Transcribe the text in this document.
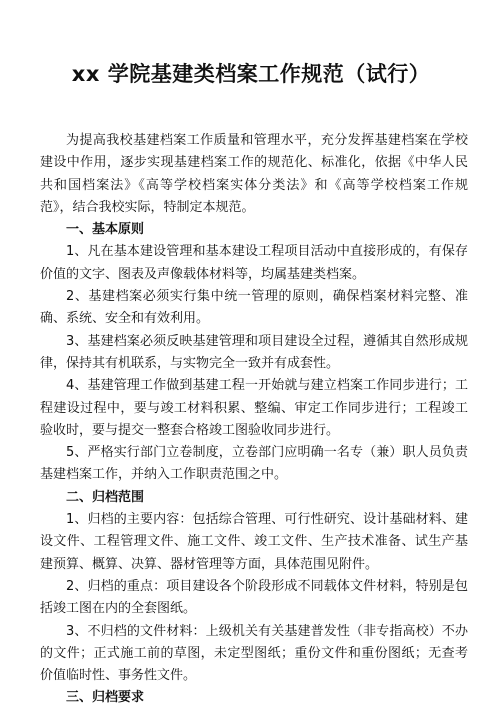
xx 学院基建类档案工作规范（试行）

为提高我校基建档案工作质量和管理水平，充分发挥基建档案在学校建设中作用，逐步实现基建档案工作的规范化、标准化，依据《中华人民共和国档案法》《高等学校档案实体分类法》和《高等学校档案工作规范》，结合我校实际，特制定本规范。

一、基本原则

1、凡在基本建设管理和基本建设工程项目活动中直接形成的，有保存价值的文字、图表及声像载体材料等，均属基建类档案。

2、基建档案必须实行集中统一管理的原则，确保档案材料完整、准确、系统、安全和有效利用。

3、基建档案必须反映基建管理和项目建设全过程，遵循其自然形成规律，保持其有机联系，与实物完全一致并有成套性。

4、基建管理工作做到基建工程一开始就与建立档案工作同步进行；工程建设过程中，要与竣工材料积累、整编、审定工作同步进行；工程竣工验收时，要与提交一整套合格竣工图验收同步进行。

5、严格实行部门立卷制度，立卷部门应明确一名专（兼）职人员负责基建档案工作，并纳入工作职责范围之中。

二、归档范围

1、归档的主要内容：包括综合管理、可行性研究、设计基础材料、建设文件、工程管理文件、施工文件、竣工文件、生产技术准备、试生产基建预算、概算、决算、器材管理等方面，具体范围见附件。

2、归档的重点：项目建设各个阶段形成不同载体文件材料，特别是包括竣工图在内的全套图纸。

3、不归档的文件材料：上级机关有关基建普发性（非专指高校）不办的文件；正式施工前的草图，未定型图纸；重份文件和重份图纸；无查考价值临时性、事务性文件。

三、归档要求
